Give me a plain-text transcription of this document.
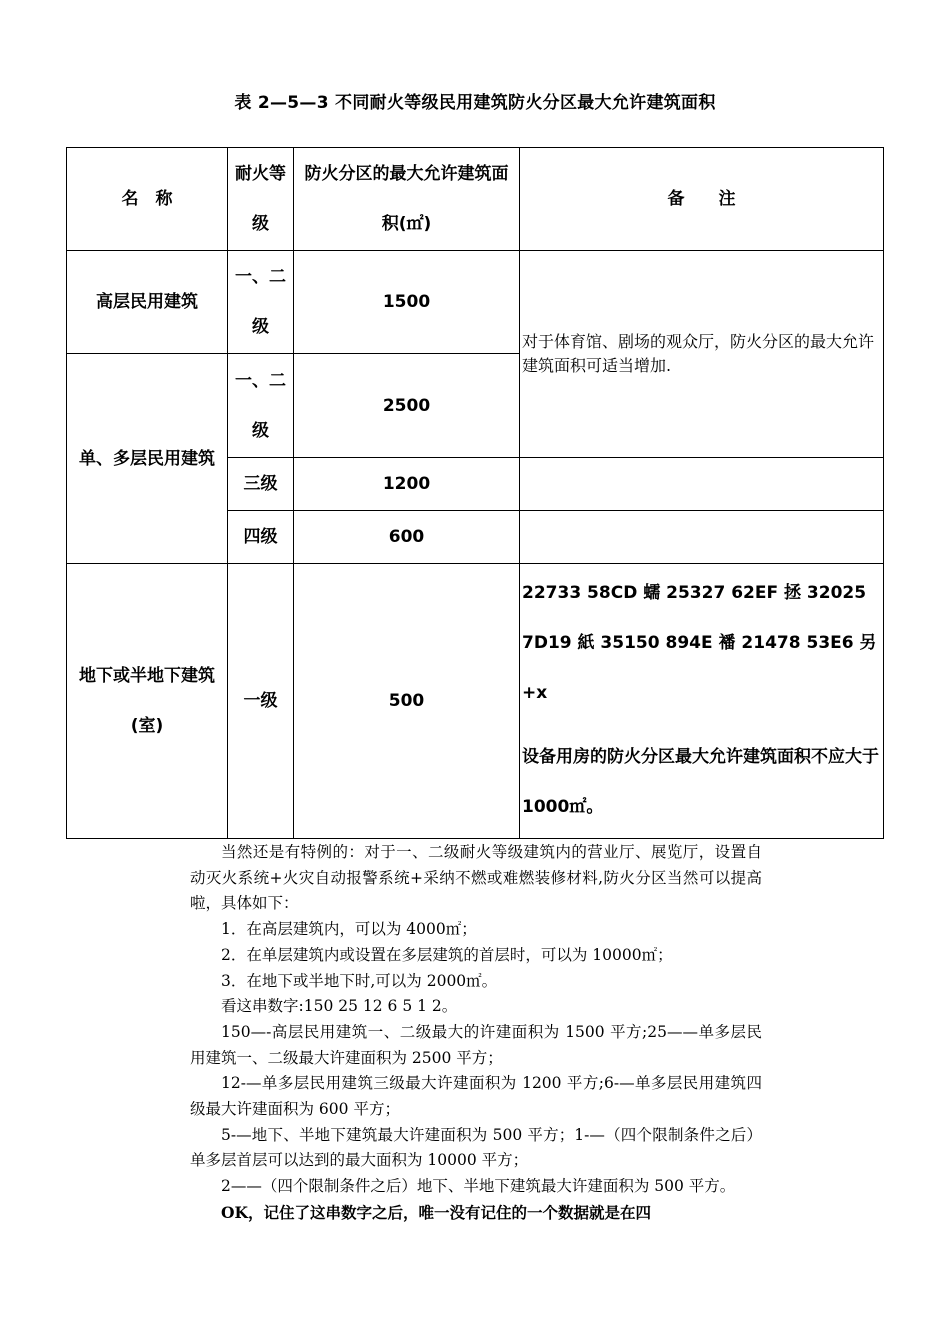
表 2—5—3 不同耐火等级民用建筑防火分区最大允许建筑面积
名　称	耐火等级	防火分区的最大允许建筑面积(㎡)	备　　注
高层民用建筑	一、二级	1500	对于体育馆、剧场的观众厅，防火分区的最大允许建筑面积可适当增加.
单、多层民用建筑	一、二级	2500	
	三级	1200	
	四级	600	
地下或半地下建筑(室)	一级	500	22733 58CD 蠕 25327 62EF 拯 32025 7D19 紙 35150 894E 襎 21478 53E6 另 +x
设备用房的防火分区最大允许建筑面积不应大于 1000㎡。

当然还是有特例的：对于一、二级耐火等级建筑内的营业厅、展览厅，设置自动灭火系统+火灾自动报警系统+采纳不燃或难燃装修材料,防火分区当然可以提高啦，具体如下：

1．在高层建筑内，可以为 4000㎡；

2．在单层建筑内或设置在多层建筑的首层时，可以为 10000㎡；

3．在地下或半地下时,可以为 2000㎡。

看这串数字:150 25 12 6 5 1 2。

150—-高层民用建筑一、二级最大的许建面积为 1500 平方;25——单多层民用建筑一、二级最大许建面积为 2500 平方；

12-—单多层民用建筑三级最大许建面积为 1200 平方;6-—单多层民用建筑四级最大许建面积为 600 平方；

5-—地下、半地下建筑最大许建面积为 500 平方；1-—（四个限制条件之后）单多层首层可以达到的最大面积为 10000 平方；

2——（四个限制条件之后）地下、半地下建筑最大许建面积为 500 平方。

OK，记住了这串数字之后，唯一没有记住的一个数据就是在四
